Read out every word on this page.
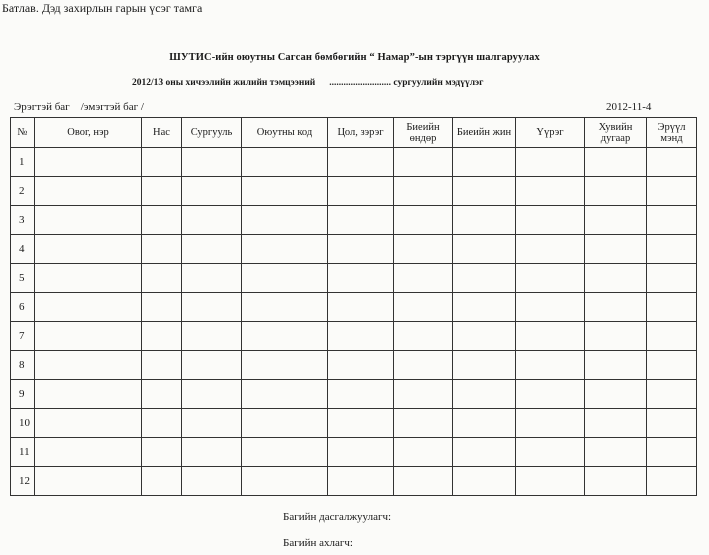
Батлав. Дэд захирлын гарын үсэг тамга
ШУТИС-ийн оюутны Сагсан бөмбөгийн “ Намар”-ын тэргүүн шалгаруулах
2012/13 оны хичээлийн жилийн тэмцээний .......................... сургуулийн мэдүүлэг
Эрэгтэй баг    /эмэгтэй баг /	2012-11-4
№	Овог, нэр	Нас	Сургууль	Оюутны код	Цол, зэрэг	Биеийн өндөр	Биеийн жин	Үүрэг	Хувийн дугаар	Эрүүл мэнд
1										
2										
3										
4										
5										
6										
7										
8										
9										
10										
11										
12										
Багийн дасгалжуулагч:
Багийн ахлагч:
